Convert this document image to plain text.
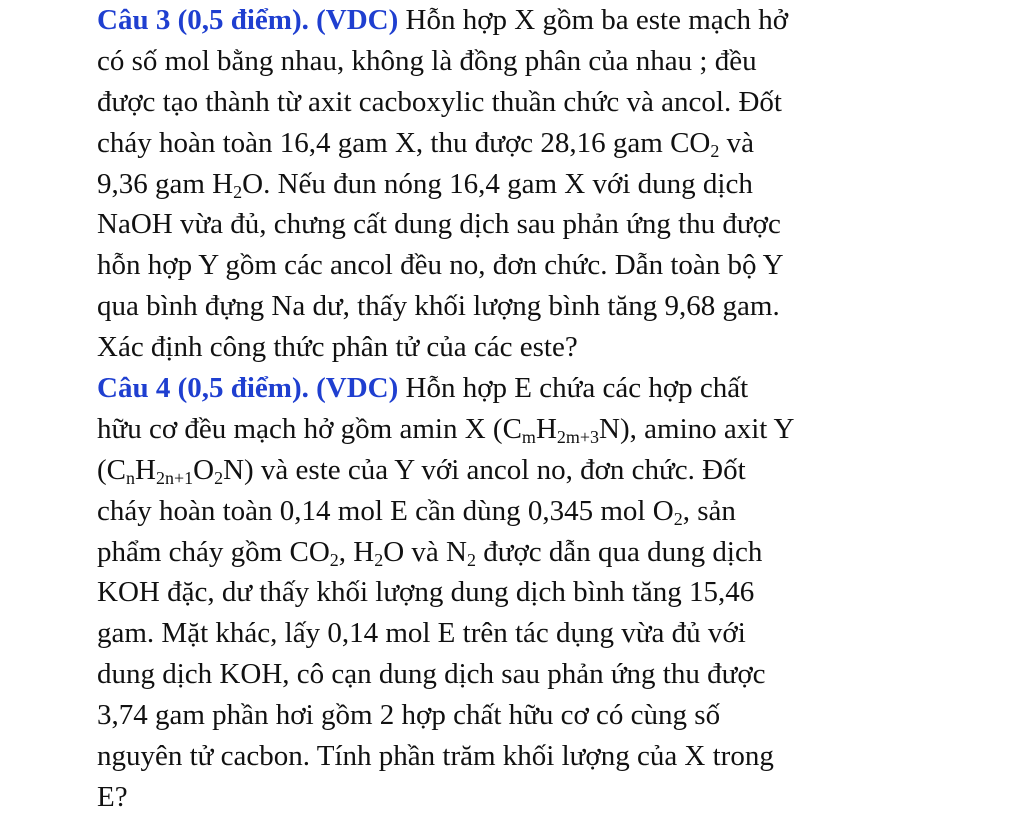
Câu 3 (0,5 điểm). (VDC) Hỗn hợp X gồm ba este mạch hở
có số mol bằng nhau, không là đồng phân của nhau ; đều
được tạo thành từ axit cacboxylic thuần chức và ancol. Đốt
cháy hoàn toàn 16,4 gam X, thu được 28,16 gam $CO_2$ và
9,36 gam $H_2O$. Nếu đun nóng 16,4 gam X với dung dịch
NaOH vừa đủ, chưng cất dung dịch sau phản ứng thu được
hỗn hợp Y gồm các ancol đều no, đơn chức. Dẫn toàn bộ Y
qua bình đựng Na dư, thấy khối lượng bình tăng 9,68 gam.
Xác định công thức phân tử của các este?
Câu 4 (0,5 điểm). (VDC) Hỗn hợp E chứa các hợp chất
hữu cơ đều mạch hở gồm amin X $(C_mH_{2m+3}N)$, amino axit Y
$(C_nH_{2n+1}O_2N)$ và este của Y với ancol no, đơn chức. Đốt
cháy hoàn toàn 0,14 mol E cần dùng 0,345 mol $O_2$, sản
phẩm cháy gồm $CO_2$, $H_2O$ và $N_2$ được dẫn qua dung dịch
KOH đặc, dư thấy khối lượng dung dịch bình tăng 15,46
gam. Mặt khác, lấy 0,14 mol E trên tác dụng vừa đủ với
dung dịch KOH, cô cạn dung dịch sau phản ứng thu được
3,74 gam phần hơi gồm 2 hợp chất hữu cơ có cùng số
nguyên tử cacbon. Tính phần trăm khối lượng của X trong
E?
